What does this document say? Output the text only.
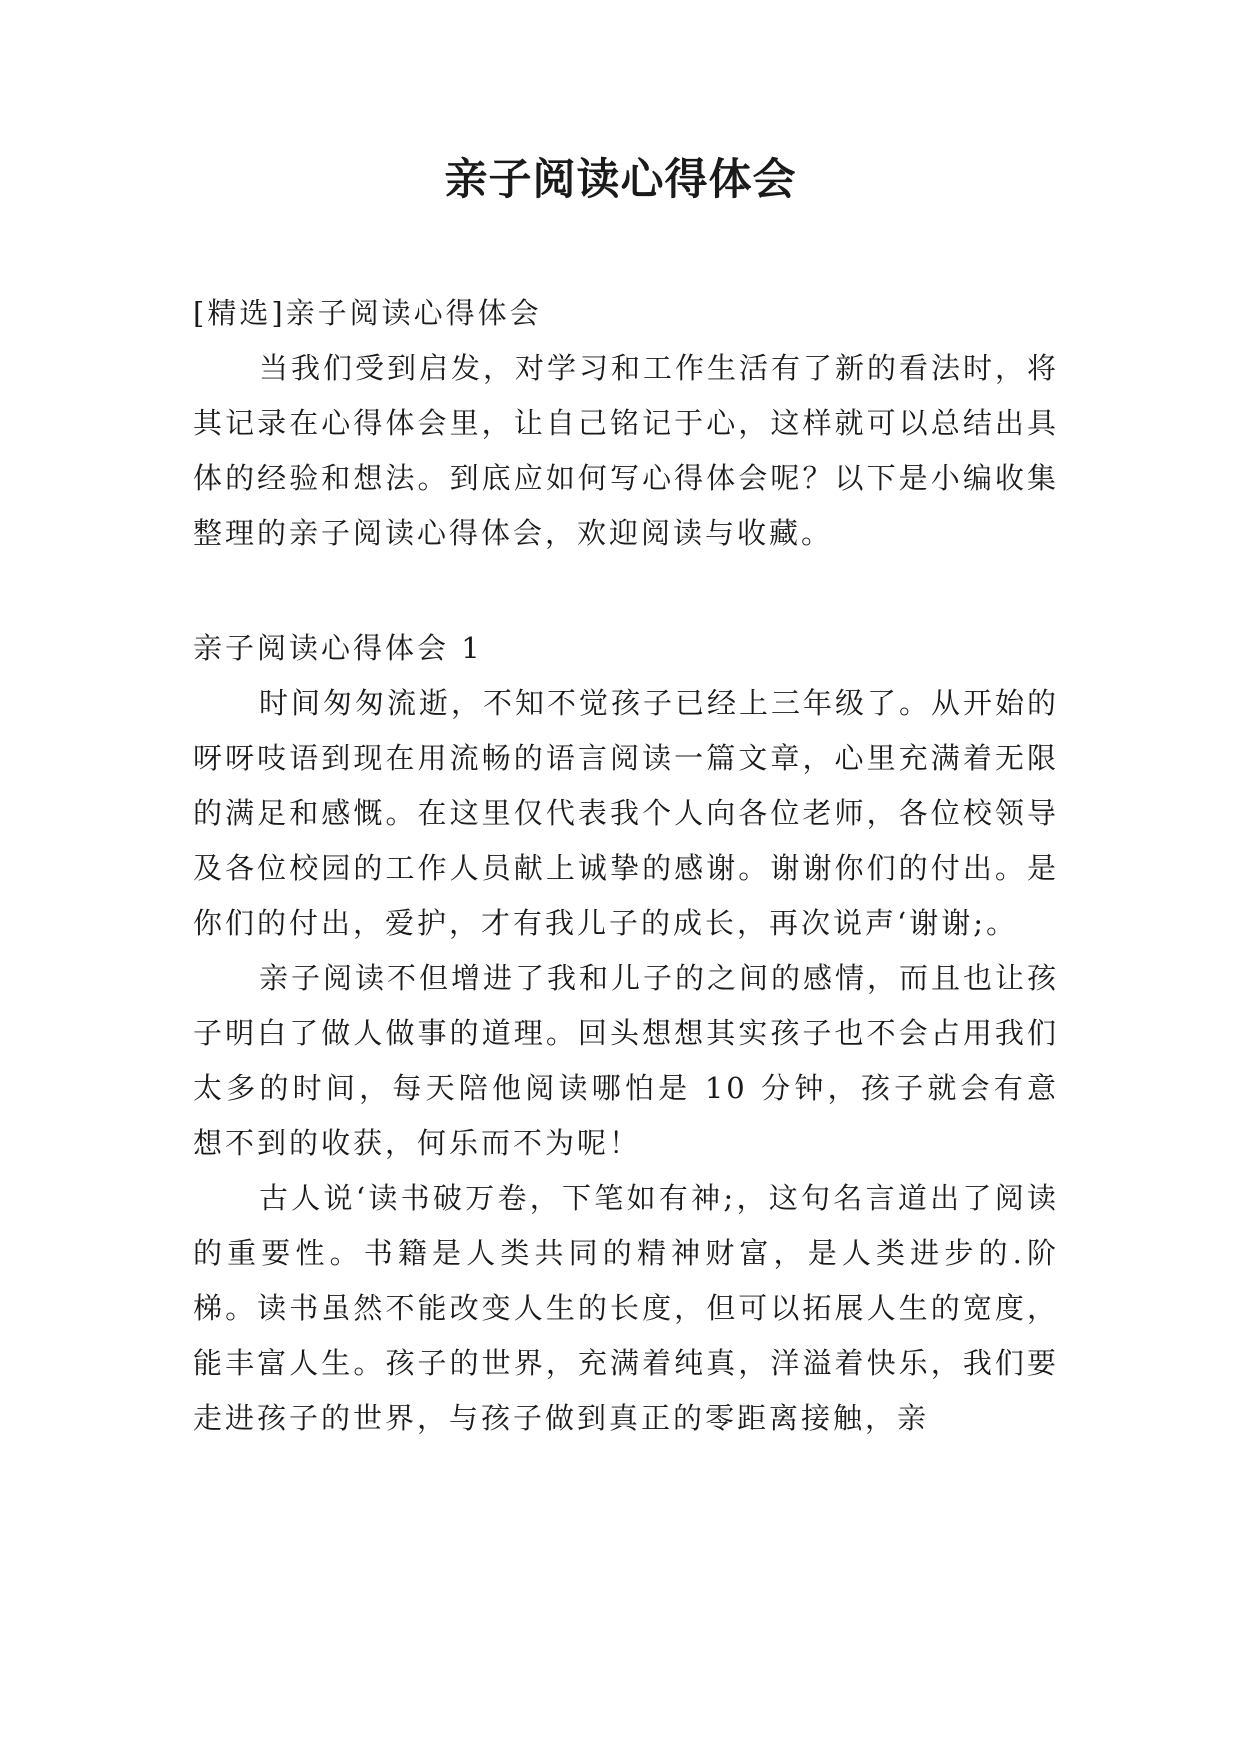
亲子阅读心得体会

[精选]亲子阅读心得体会

当我们受到启发，对学习和工作生活有了新的看法时，将其记录在心得体会里，让自己铭记于心，这样就可以总结出具体的经验和想法。到底应如何写心得体会呢？以下是小编收集整理的亲子阅读心得体会，欢迎阅读与收藏。

亲子阅读心得体会 1

时间匆匆流逝，不知不觉孩子已经上三年级了。从开始的呀呀吱语到现在用流畅的语言阅读一篇文章，心里充满着无限的满足和感慨。在这里仅代表我个人向各位老师，各位校领导及各位校园的工作人员献上诚挚的感谢。谢谢你们的付出。是你们的付出，爱护，才有我儿子的成长，再次说声‘谢谢;。

亲子阅读不但增进了我和儿子的之间的感情，而且也让孩子明白了做人做事的道理。回头想想其实孩子也不会占用我们太多的时间，每天陪他阅读哪怕是 10 分钟，孩子就会有意想不到的收获，何乐而不为呢！

古人说‘读书破万卷，下笔如有神;，这句名言道出了阅读的重要性。书籍是人类共同的精神财富，是人类进步的.阶梯。读书虽然不能改变人生的长度，但可以拓展人生的宽度，能丰富人生。孩子的世界，充满着纯真，洋溢着快乐，我们要走进孩子的世界，与孩子做到真正的零距离接触，亲
